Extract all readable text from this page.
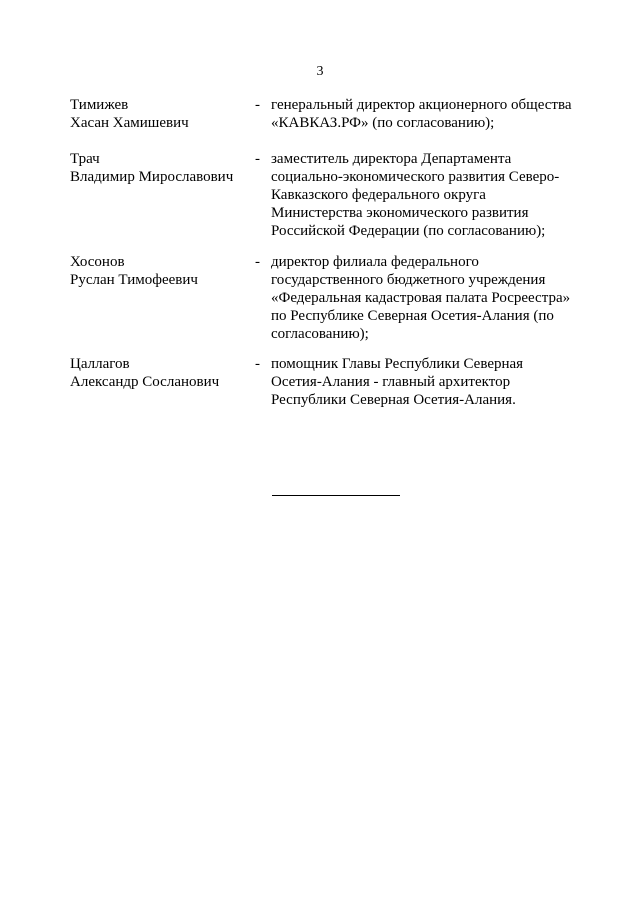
3
Тимижев
Хасан Хамишевич
- генеральный директор акционерного общества
«КАВКАЗ.РФ» (по согласованию);
Трач
Владимир Мирославович
- заместитель директора Департамента
социально-экономического развития Северо-
Кавказского федерального округа
Министерства экономического развития
Российской Федерации (по согласованию);
Хосонов
Руслан Тимофеевич
- директор филиала федерального
государственного бюджетного учреждения
«Федеральная кадастровая палата Росреестра»
по Республике Северная Осетия-Алания (по
согласованию);
Цаллагов
Александр Сосланович
- помощник Главы Республики Северная
Осетия-Алания - главный архитектор
Республики Северная Осетия-Алания.
